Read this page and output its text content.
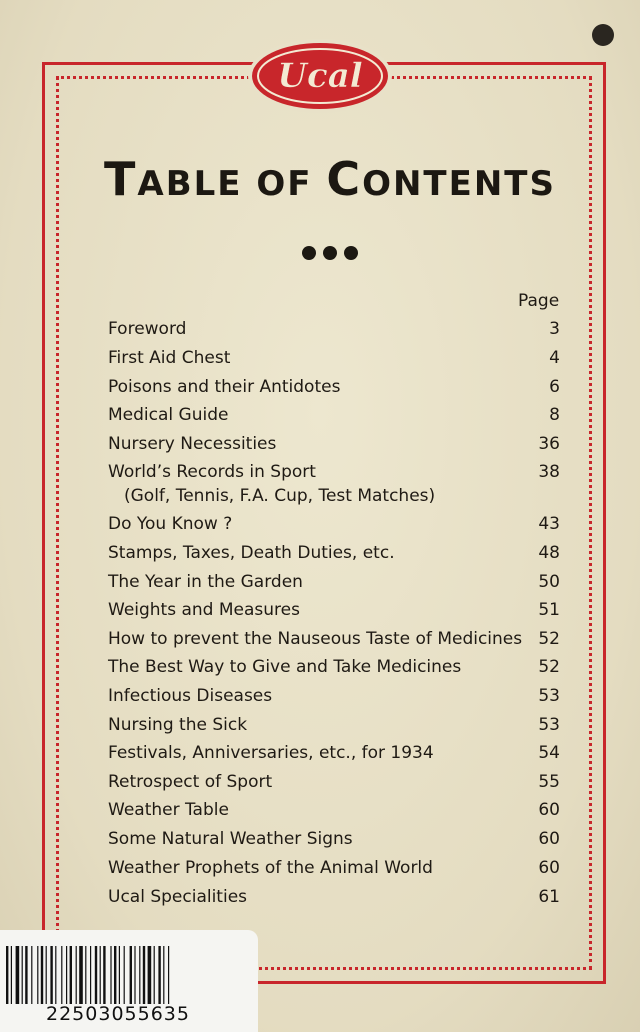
Ucal
TABLE OF CONTENTS
Page
Foreword	3
First Aid Chest	4
Poisons and their Antidotes	6
Medical Guide	8
Nursery Necessities	36
World’s Records in Sport	38
Do You Know ?	43
Stamps, Taxes, Death Duties, etc.	48
The Year in the Garden	50
Weights and Measures	51
How to prevent the Nauseous Taste of Medicines 52
The Best Way to Give and Take Medicines	52
Infectious Diseases	53
Nursing the Sick	53
Festivals, Anniversaries, etc., for 1934	54
Retrospect of Sport	55
Weather Table	60
Some Natural Weather Signs	60
Weather Prophets of the Animal World	60
Ucal Specialities	61
(Golf, Tennis, F.A. Cup, Test Matches)
22503055635
